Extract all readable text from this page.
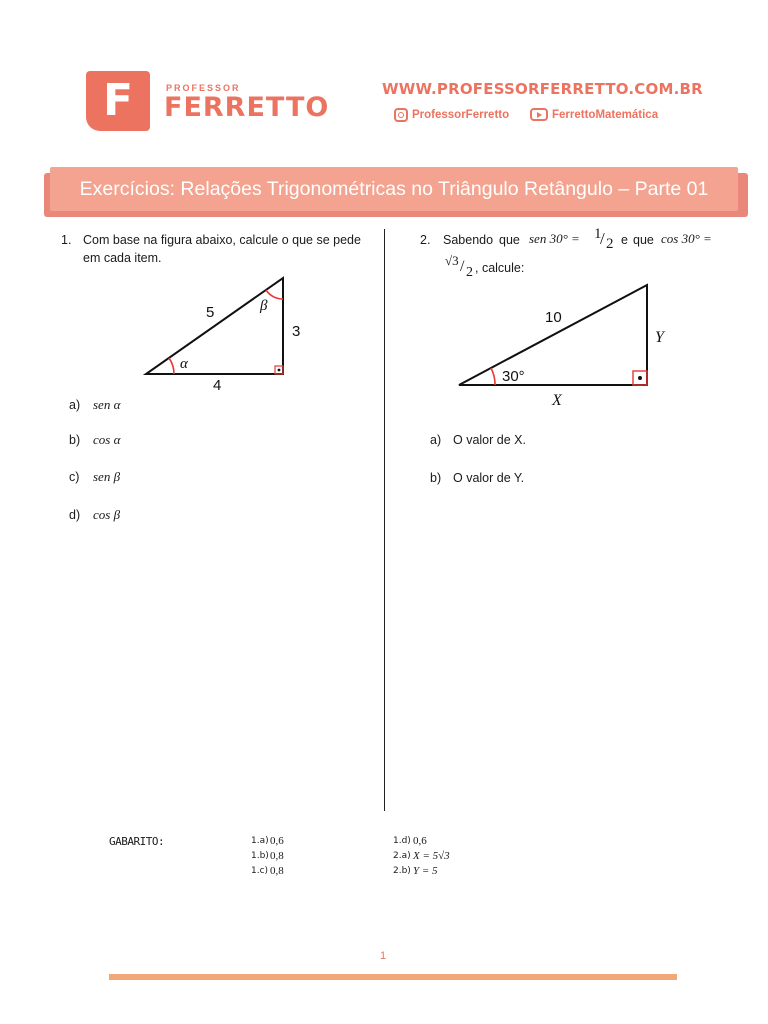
F	PROFESSOR
FERRETTO
WWW.PROFESSORFERRETTO.COM.BR
ProfessorFerretto	FerrettoMatemática
Exercícios: Relações Trigonométricas no Triângulo Retângulo – Parte 01
1. Com base na figura abaixo, calcule o que se pede
em cada item.
5
3
4
α
β
a) sen α
b) cos α
c) sen β
d) cos β
2. Sabendo que sen 30° = 1
/ 2 e que cos 30° =
√3 / 2 , calcule:
10
Y
X
30°
a) O valor de X.
b) O valor de Y.
GABARITO:	1.a) 0,6
1.b) 0,8
1.c) 0,8
1.d) 0,6
2.a) X = 5√3
2.b) Y = 5
1
